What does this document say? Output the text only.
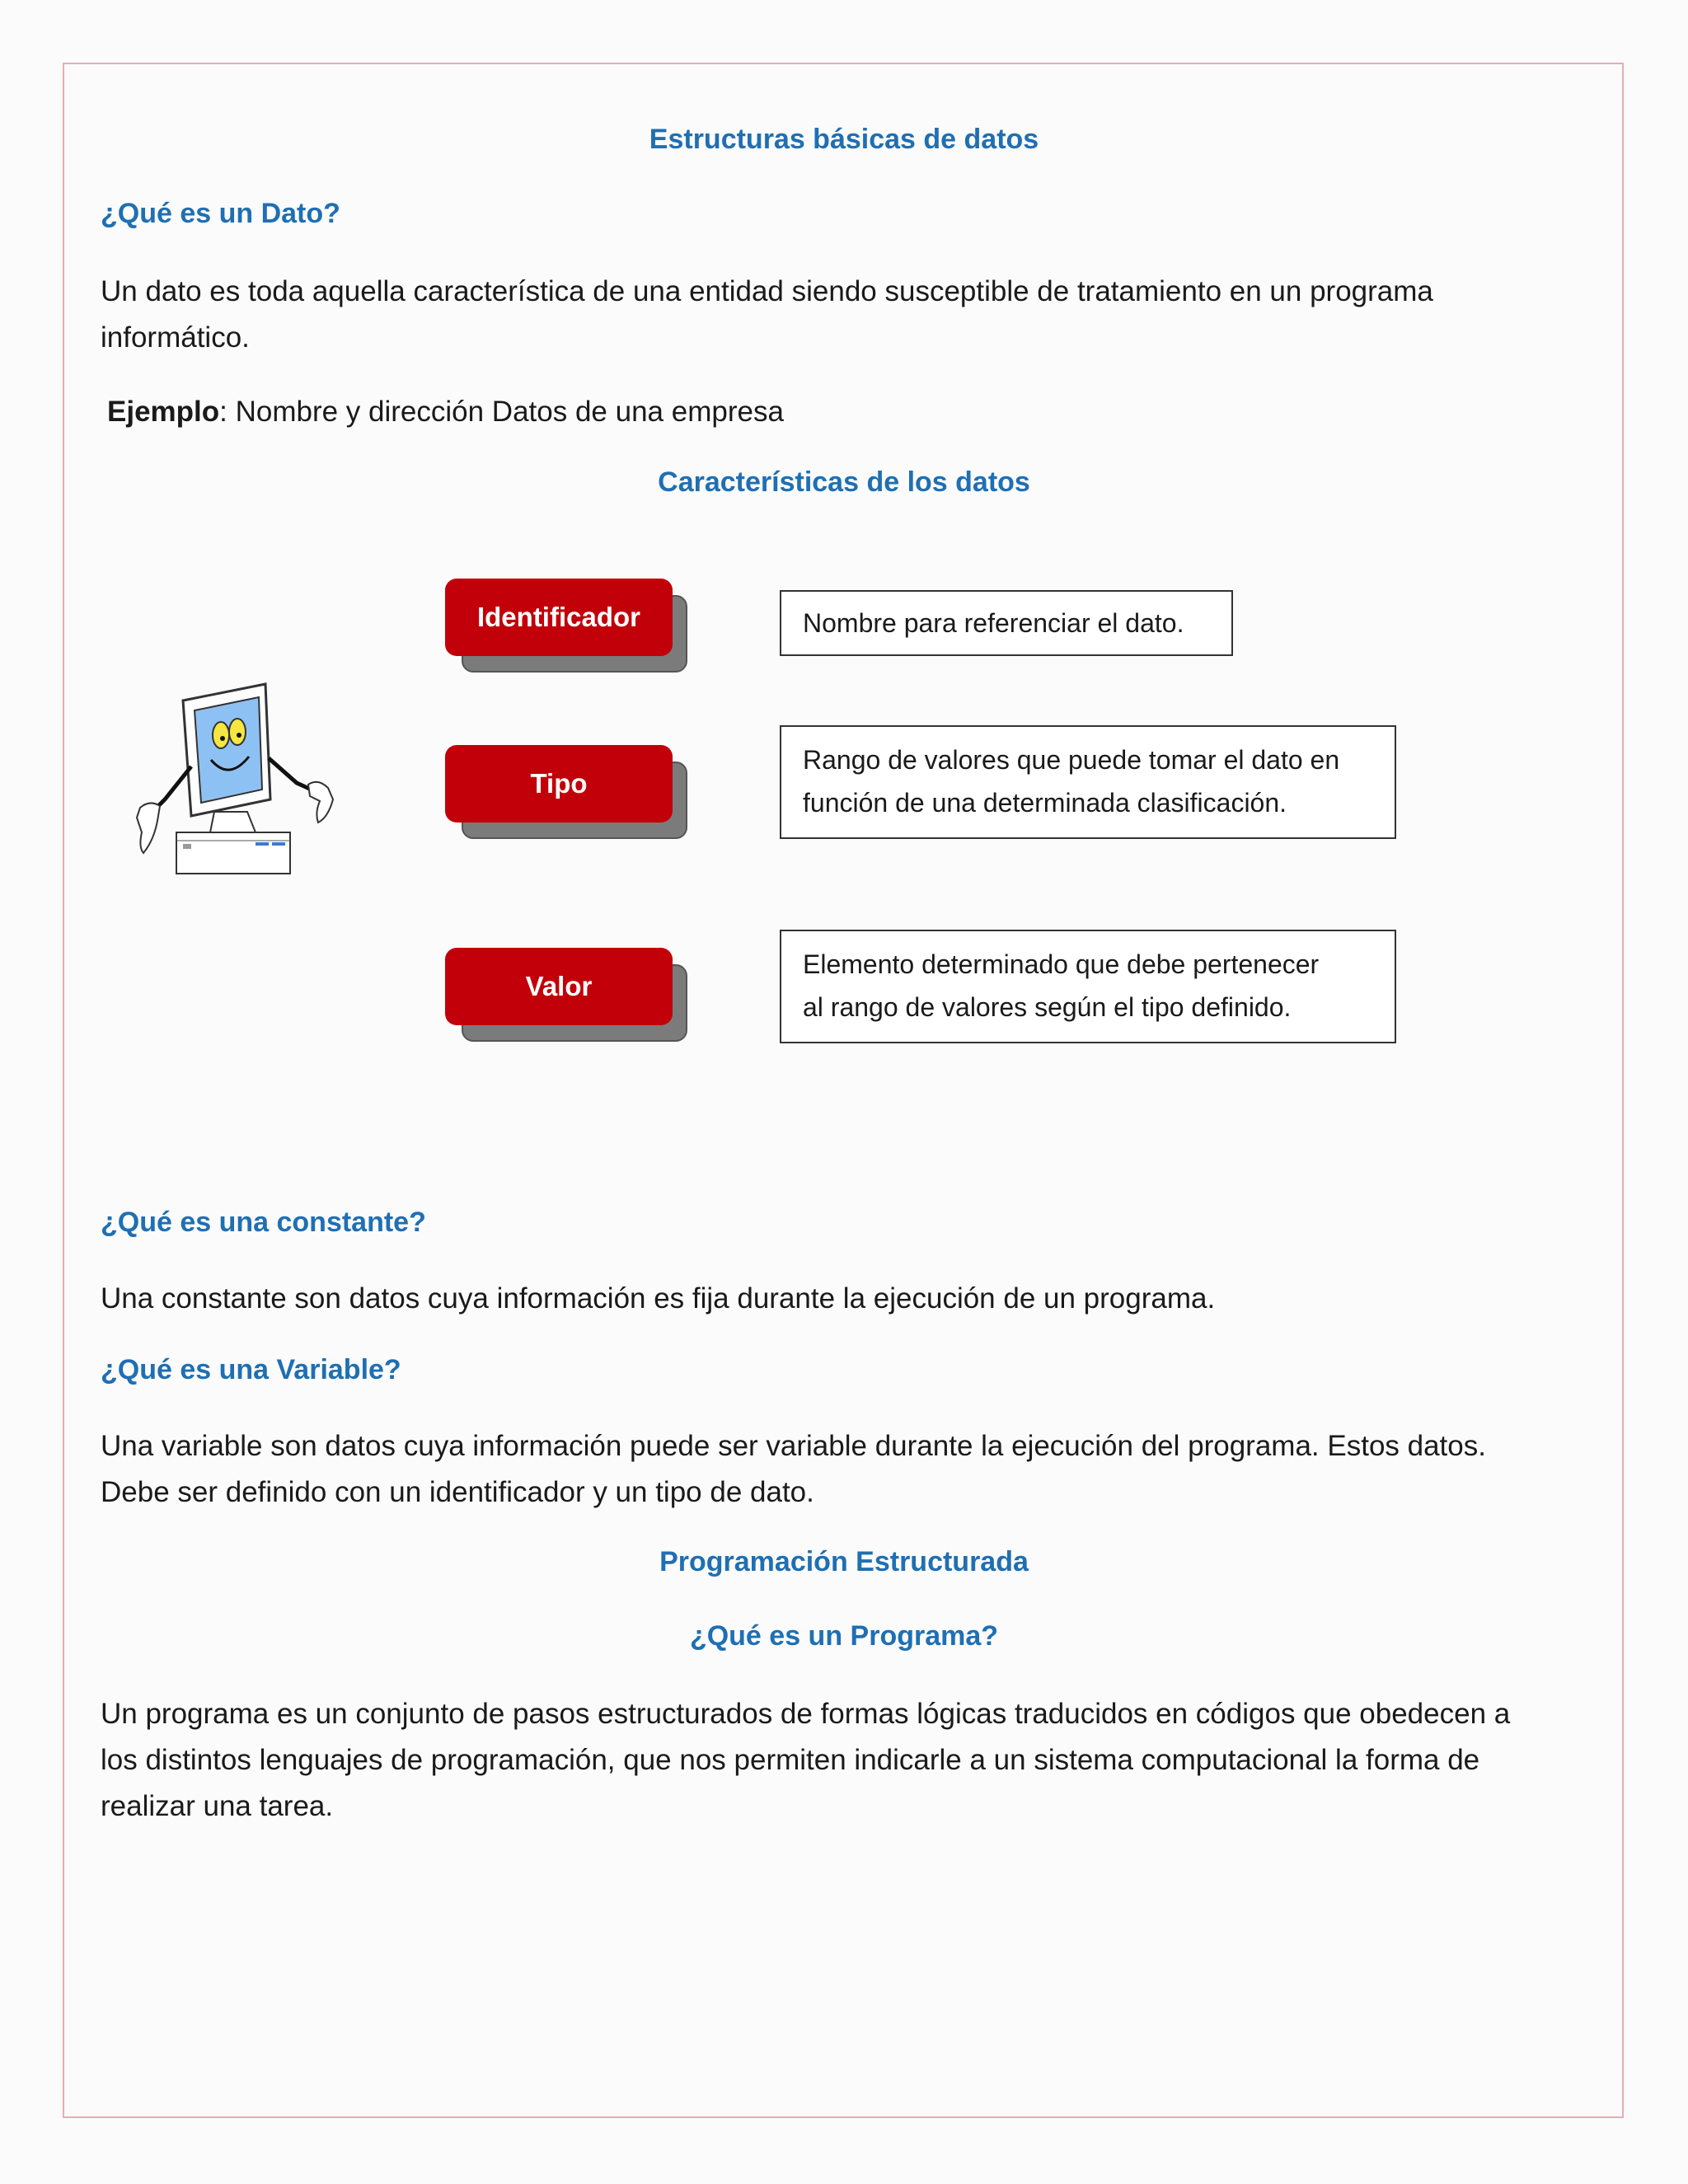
Estructuras básicas de datos
¿Qué es un Dato?
Un dato es toda aquella característica de una entidad siendo susceptible de tratamiento en un programa
informático.
Ejemplo: Nombre y dirección Datos de una empresa
Características de los datos
Identificador
Tipo
Valor
Nombre para referenciar el dato.
Rango de valores que puede tomar el dato en
función de una determinada clasificación.
Elemento determinado que debe pertenecer
al rango de valores según el tipo definido.
¿Qué es una constante?
Una constante son datos cuya información es fija durante la ejecución de un programa.
¿Qué es una Variable?
Una variable son datos cuya información puede ser variable durante la ejecución del programa. Estos datos.
Debe ser definido con un identificador y un tipo de dato.
Programación Estructurada
¿Qué es un Programa?
Un programa es un conjunto de pasos estructurados de formas lógicas traducidos en códigos que obedecen a
los distintos lenguajes de programación, que nos permiten indicarle a un sistema computacional la forma de
realizar una tarea.
